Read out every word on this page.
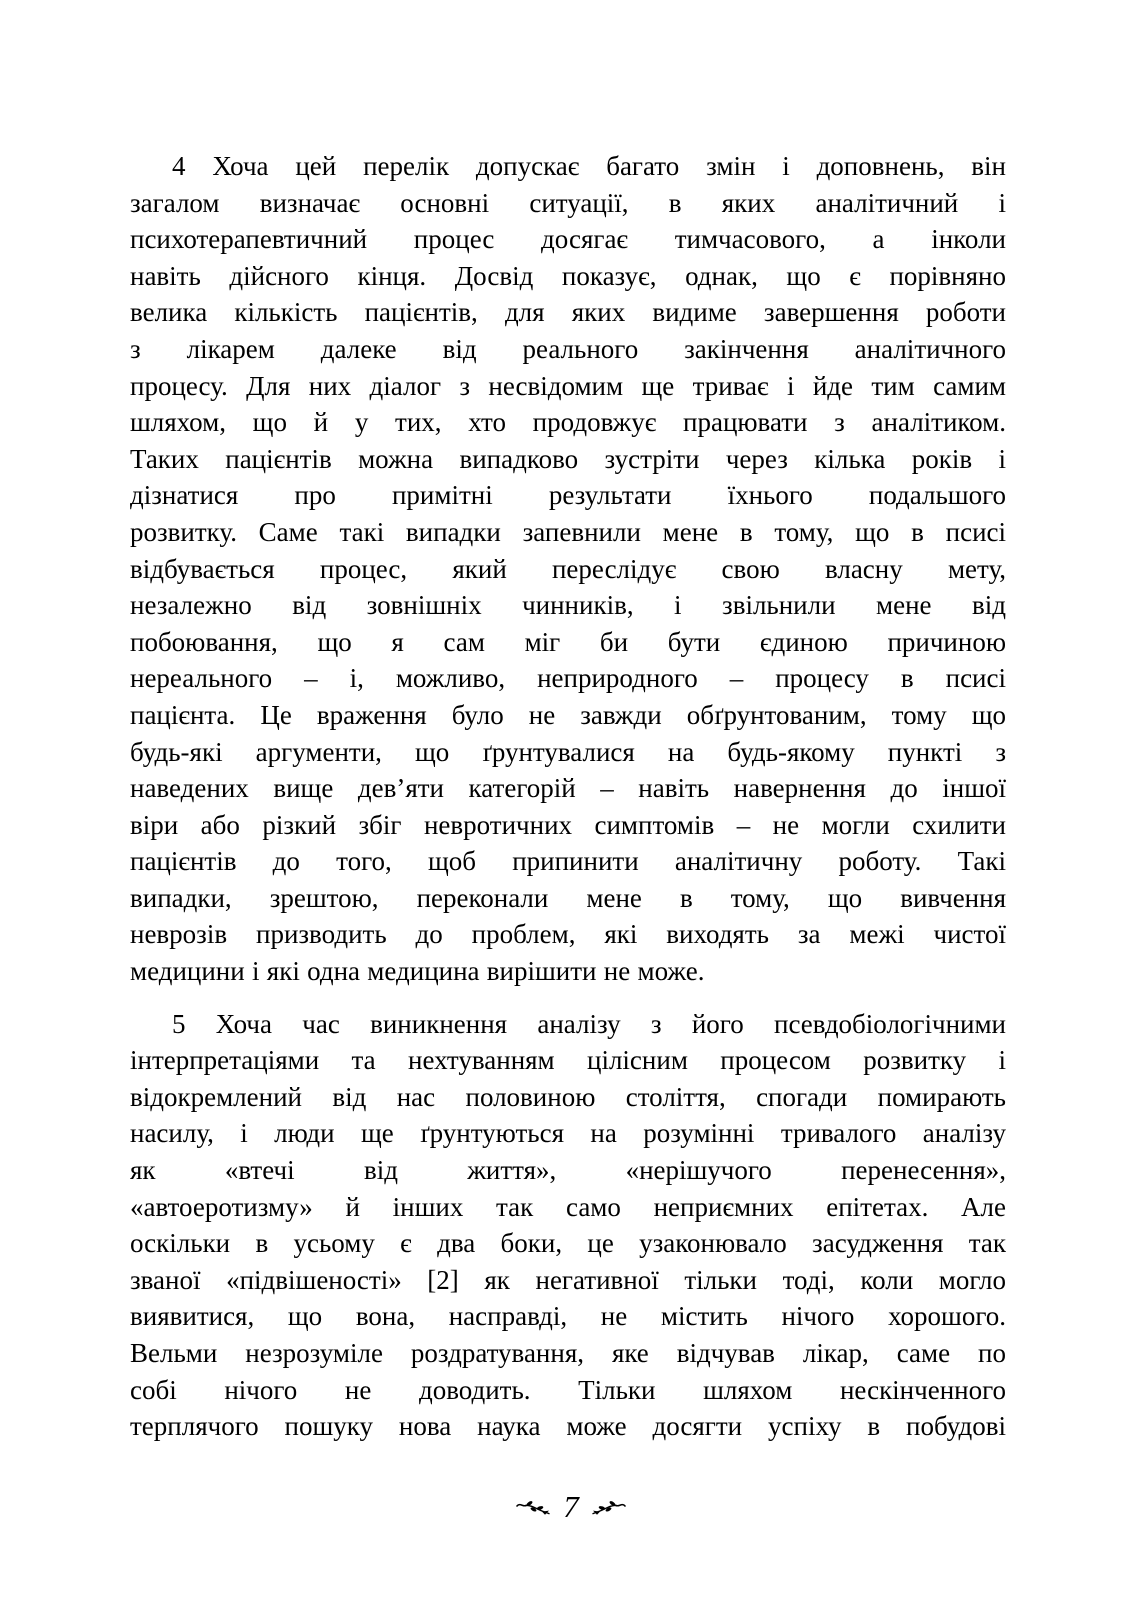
4 Хоча цей перелік допускає багато змін і доповнень, він
загалом визначає основні ситуації, в яких аналітичний і
психотерапевтичний процес досягає тимчасового, а інколи
навіть дійсного кінця. Досвід показує, однак, що є порівняно
велика кількість пацієнтів, для яких видиме завершення роботи
з лікарем далеке від реального закінчення аналітичного
процесу. Для них діалог з несвідомим ще триває і йде тим самим
шляхом, що й у тих, хто продовжує працювати з аналітиком.
Таких пацієнтів можна випадково зустріти через кілька років і
дізнатися про примітні результати їхнього подальшого
розвитку. Саме такі випадки запевнили мене в тому, що в псисі
відбувається процес, який переслідує свою власну мету,
незалежно від зовнішніх чинників, і звільнили мене від
побоювання, що я сам міг би бути єдиною причиною
нереального – і, можливо, неприродного – процесу в псисі
пацієнта. Це враження було не завжди обґрунтованим, тому що
будь-які аргументи, що ґрунтувалися на будь-якому пункті з
наведених вище дев’яти категорій – навіть навернення до іншої
віри або різкий збіг невротичних симптомів – не могли схилити
пацієнтів до того, щоб припинити аналітичну роботу. Такі
випадки, зрештою, переконали мене в тому, що вивчення
неврозів призводить до проблем, які виходять за межі чистої
медицини і які одна медицина вирішити не може.

5 Хоча час виникнення аналізу з його псевдобіологічними
інтерпретаціями та нехтуванням цілісним процесом розвитку і
відокремлений від нас половиною століття, спогади помирають
насилу, і люди ще ґрунтуються на розумінні тривалого аналізу
як «втечі від життя», «нерішучого перенесення»,
«автоеротизму» й інших так само неприємних епітетах. Але
оскільки в усьому є два боки, це узаконювало засудження так
званої «підвішеності» [2] як негативної тільки тоді, коли могло
виявитися, що вона, насправді, не містить нічого хорошого.
Вельми незрозуміле роздратування, яке відчував лікар, саме по
собі нічого не доводить. Тільки шляхом нескінченного
терплячого пошуку нова наука може досягти успіху в побудові

7
